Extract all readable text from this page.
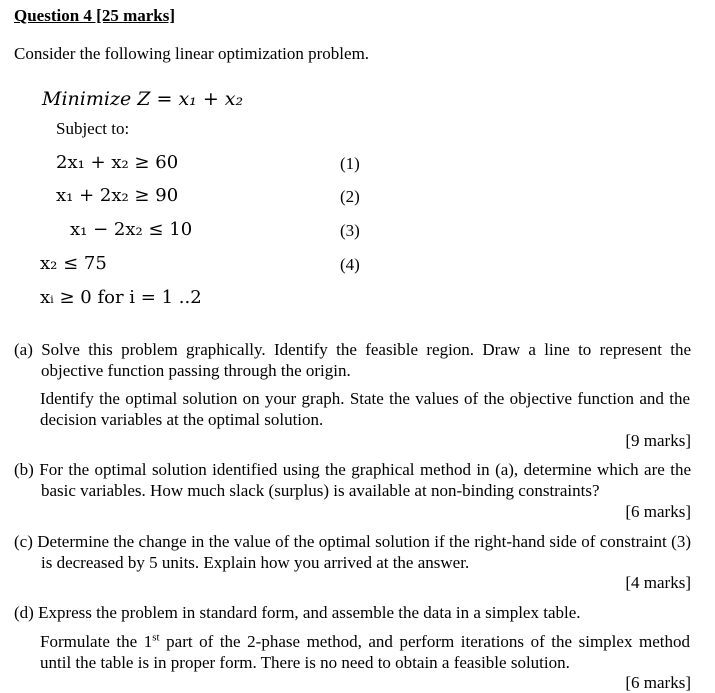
Question 4 [25 marks]
Consider the following linear optimization problem.
Minimize Z = x₁ + x₂
Subject to:
2x₁ + x₂ ≥ 60	(1)
x₁ + 2x₂ ≥ 90	(2)
x₁ − 2x₂ ≤ 10	(3)
x₂ ≤ 75	(4)
xᵢ ≥ 0 for i = 1 ..2
(a) Solve this problem graphically. Identify the feasible region. Draw a line to represent the objective function passing through the origin.
Identify the optimal solution on your graph. State the values of the objective function and the decision variables at the optimal solution.
[9 marks]
(b) For the optimal solution identified using the graphical method in (a), determine which are the basic variables. How much slack (surplus) is available at non-binding constraints?
[6 marks]
(c) Determine the change in the value of the optimal solution if the right-hand side of constraint (3) is decreased by 5 units. Explain how you arrived at the answer.
[4 marks]
(d) Express the problem in standard form, and assemble the data in a simplex table.
Formulate the 1st part of the 2-phase method, and perform iterations of the simplex method until the table is in proper form. There is no need to obtain a feasible solution.
[6 marks]
